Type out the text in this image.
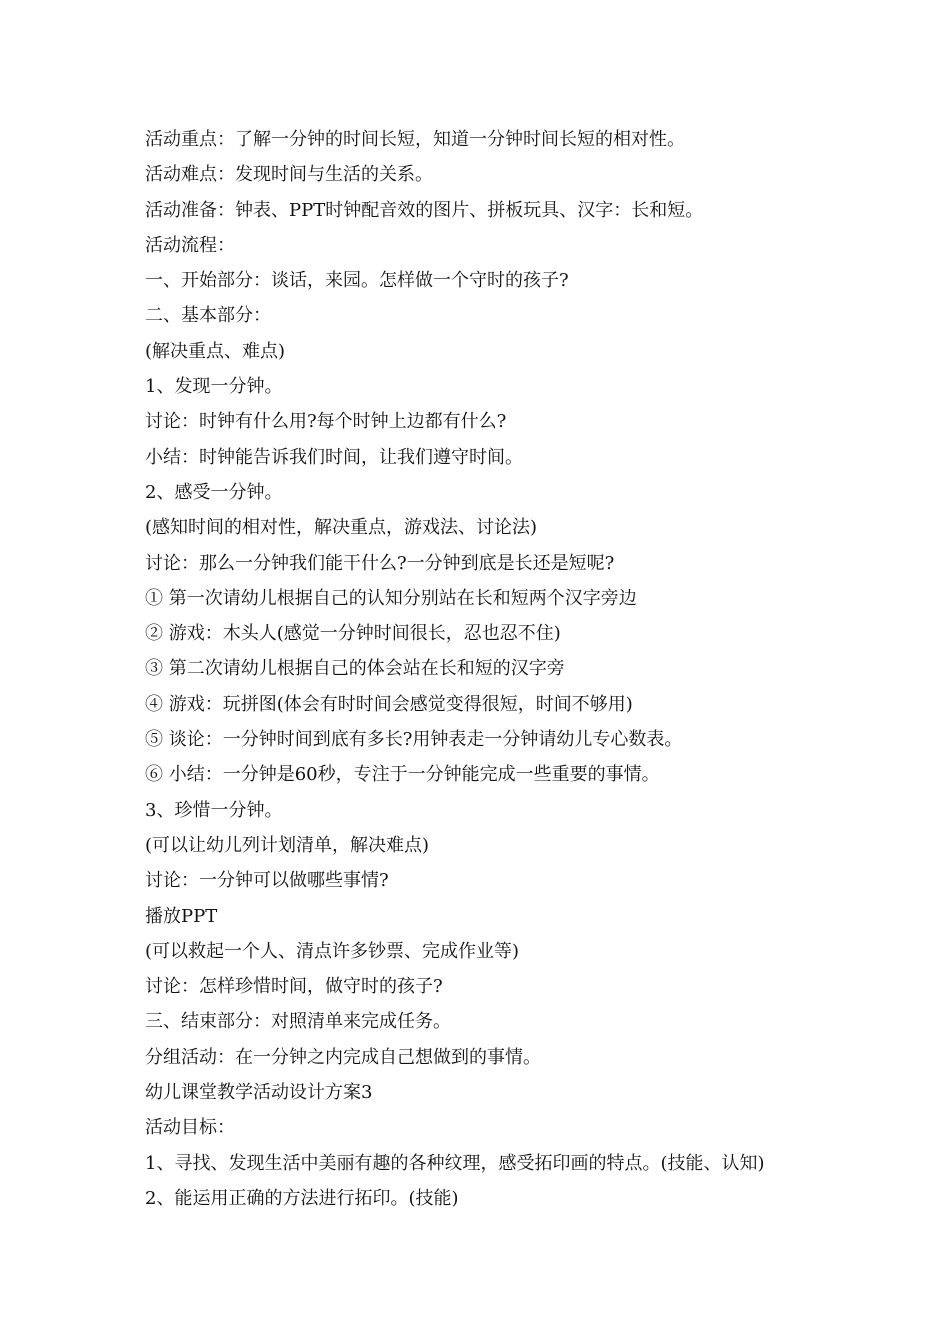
活动重点：了解一分钟的时间长短，知道一分钟时间长短的相对性。

活动难点：发现时间与生活的关系。

活动准备：钟表、PPT时钟配音效的图片、拼板玩具、汉字：长和短。

活动流程：

一、开始部分：谈话，来园。怎样做一个守时的孩子?

二、基本部分：

(解决重点、难点)

1、发现一分钟。

讨论：时钟有什么用?每个时钟上边都有什么?

小结：时钟能告诉我们时间，让我们遵守时间。

2、感受一分钟。

(感知时间的相对性，解决重点，游戏法、讨论法)

讨论：那么一分钟我们能干什么?一分钟到底是长还是短呢?

① 第一次请幼儿根据自己的认知分别站在长和短两个汉字旁边

② 游戏：木头人(感觉一分钟时间很长，忍也忍不住)

③ 第二次请幼儿根据自己的体会站在长和短的汉字旁

④ 游戏：玩拼图(体会有时时间会感觉变得很短，时间不够用)

⑤ 谈论：一分钟时间到底有多长?用钟表走一分钟请幼儿专心数表。

⑥ 小结：一分钟是60秒，专注于一分钟能完成一些重要的事情。

3、珍惜一分钟。

(可以让幼儿列计划清单，解决难点)

讨论：一分钟可以做哪些事情?

播放PPT

(可以救起一个人、清点许多钞票、完成作业等)

讨论：怎样珍惜时间，做守时的孩子?

三、结束部分：对照清单来完成任务。

分组活动：在一分钟之内完成自己想做到的事情。

幼儿课堂教学活动设计方案3

活动目标：

1、寻找、发现生活中美丽有趣的各种纹理，感受拓印画的特点。(技能、认知)

2、能运用正确的方法进行拓印。(技能)
